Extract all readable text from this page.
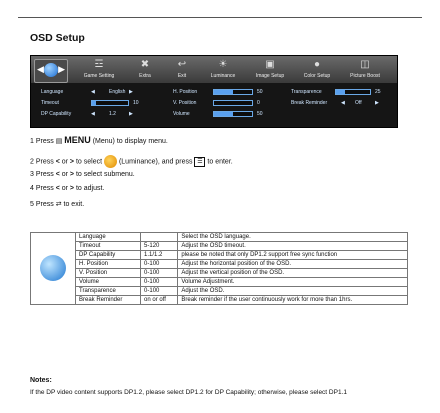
OSD Setup
◀ ▶	☲
Game Setting
✖
Extra
↩
Exit
☀
Luminance
▣
Image Setup
●
Color Setup
◫
Picture Boost
Language	◀	English ▶
Timeout	10
DP Capability	◀	1.2	▶
H. Position	50
V. Position	0
Volume	50
Transparence	25
Break Reminder	◀ Off	▶
1 Press ▤ MENU (Menu) to display menu.
2 Press < or > to select (Luminance), and press ☰ to enter.
3 Press < or > to select submenu.
4 Press < or > to adjust.
5 Press ⇄ to exit.
	Language		Select the OSD language.
	Timeout	5-120	Adjust the OSD timeout.
	DP Capability	1.1/1.2	please be noted that only DP1.2 support free sync function
	H. Position	0-100	Adjust the horizontal position of the OSD.
	V. Position	0-100	Adjust the vertical position of the OSD.
	Volume	0-100	Volume Adjustment.
	Transparence	0-100	Adjust the OSD.
	Break Reminder	on or off	Break reminder if the user continuously work for more than 1hrs.
Notes:
If the DP video content supports DP1.2, please select DP1.2 for DP Capability; otherwise, please select DP1.1
